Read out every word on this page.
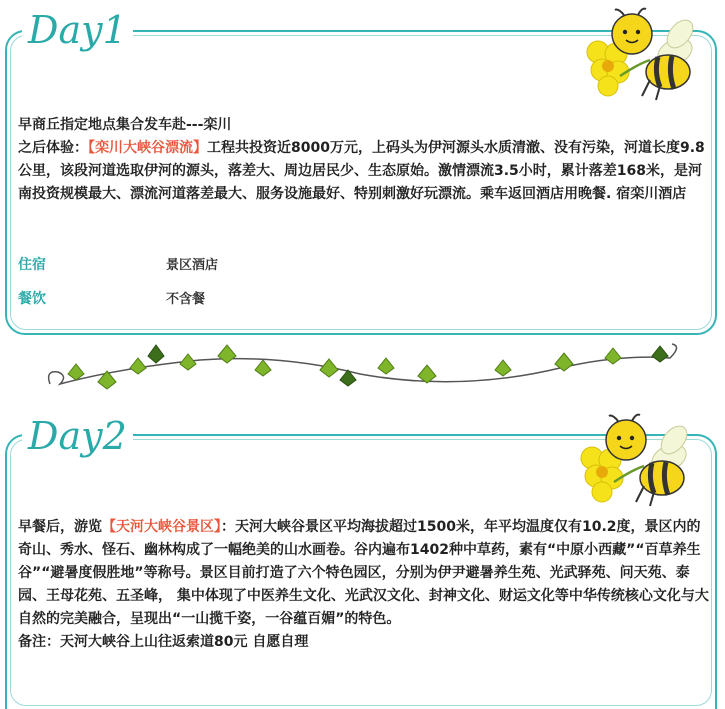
Day1
早商丘指定地点集合发车赴---栾川
之后体验：【栾川大峡谷漂流】工程共投资近8000万元，上码头为伊河源头水质清澈、没有污染，河道长度9.8公里，该段河道选取伊河的源头，落差大、周边居民少、生态原始。激情漂流3.5小时，累计落差168米，是河南投资规模最大、漂流河道落差最大、服务设施最好、特别刺激好玩漂流。乘车返回酒店用晚餐. 宿栾川酒店
住宿	景区酒店
餐饮	不含餐
Day2
早餐后，游览【天河大峡谷景区】：天河大峡谷景区平均海拔超过1500米，年平均温度仅有10.2度，景区内的奇山、秀水、怪石、幽林构成了一幅绝美的山水画卷。谷内遍布1402种中草药，素有“中原小西藏”“百草养生谷”“避暑度假胜地”等称号。景区目前打造了六个特色园区，分别为伊尹避暑养生苑、光武驿苑、问天苑、泰园、王母花苑、五圣峰， 集中体现了中医养生文化、光武汉文化、封神文化、财运文化等中华传统核心文化与大自然的完美融合，呈现出“一山揽千姿，一谷蕴百媚”的特色。
备注：天河大峡谷上山往返索道80元 自愿自理
